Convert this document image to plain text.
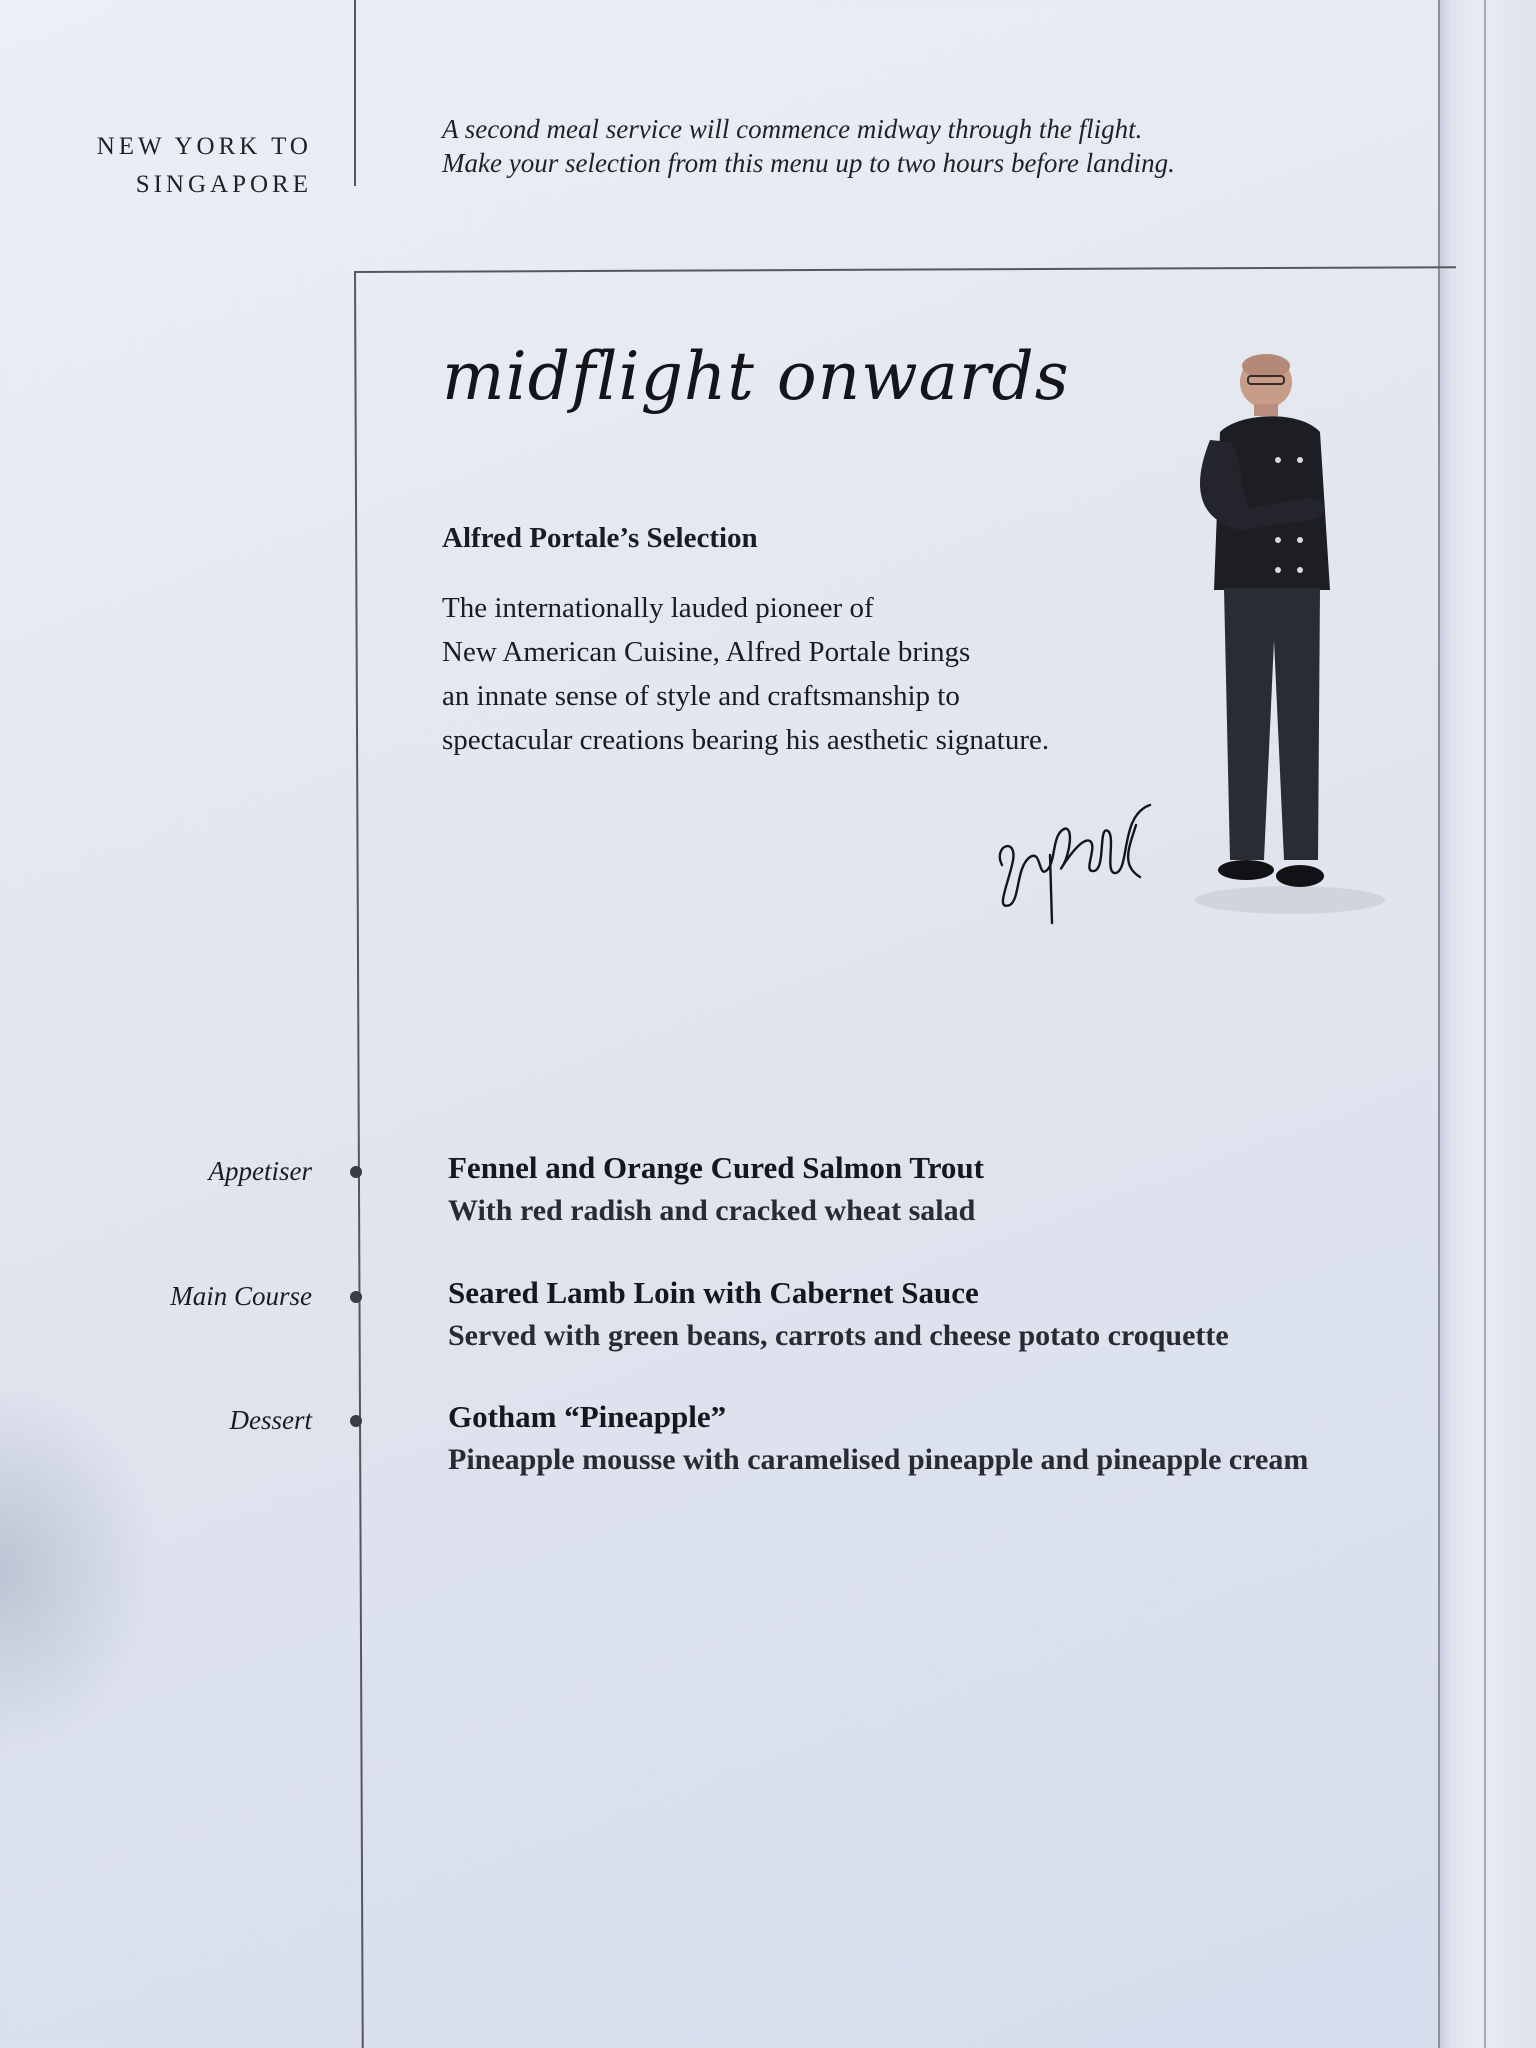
NEW YORK TO
SINGAPORE
A second meal service will commence midway through the flight.
Make your selection from this menu up to two hours before landing.
midflight onwards
Alfred Portale’s Selection
The internationally lauded pioneer of
New American Cuisine, Alfred Portale brings
an innate sense of style and craftsmanship to
spectacular creations bearing his aesthetic signature.
Appetiser	Fennel and Orange Cured Salmon Trout
With red radish and cracked wheat salad
Main Course	Seared Lamb Loin with Cabernet Sauce
Served with green beans, carrots and cheese potato croquette
Dessert	Gotham “Pineapple”
Pineapple mousse with caramelised pineapple and pineapple cream
